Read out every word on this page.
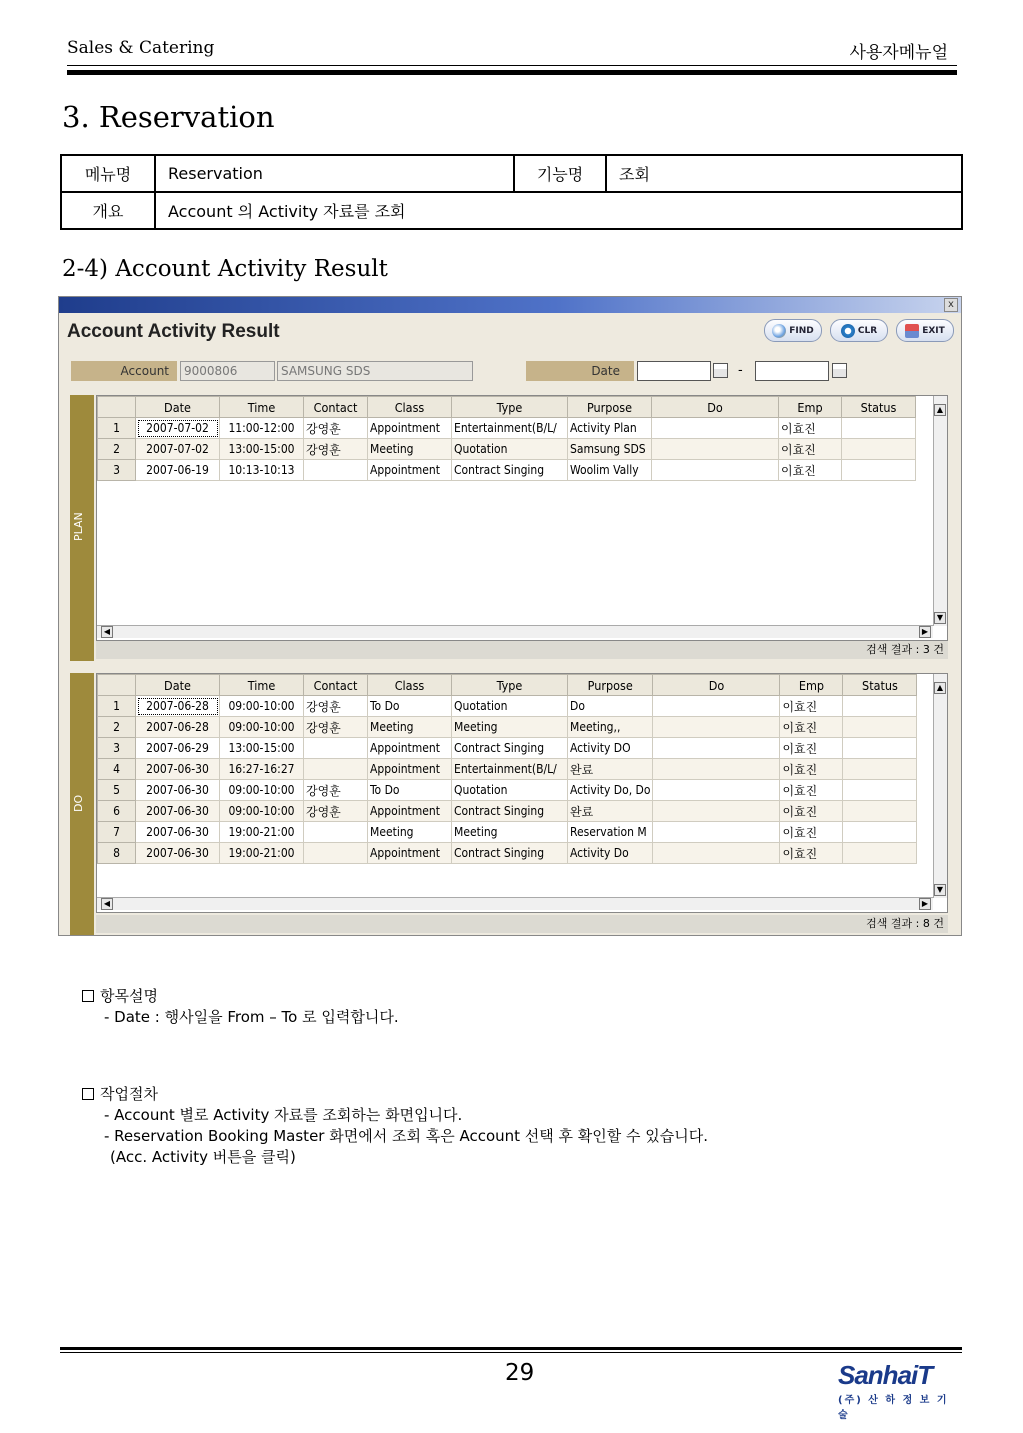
Sales & Catering	사용자메뉴얼
3. Reservation
메뉴명	Reservation	기능명	조회
개요	Account 의 Activity 자료를 조회		
2-4) Account Activity Result
x
Account Activity Result	FIND	CLR	EXIT
Account	9000806	SAMSUNG SDS	Date	-
PLAN
	Date	Time	Contact	Class	Type	Purpose	Do	Emp	Status
1	2007-07-02	11:00-12:00	강영훈	Appointment	Entertainment(B/L/	Activity Plan		이효진	
2	2007-07-02	13:00-15:00	강영훈	Meeting	Quotation	Samsung SDS		이효진	
3	2007-06-19	10:13-10:13		Appointment	Contract Singing	Woolim Vally		이효진	
▲
▼
◀	▶
검색 결과 : 3 건
DO
	Date	Time	Contact	Class	Type	Purpose	Do	Emp	Status
1	2007-06-28	09:00-10:00	강영훈	To Do	Quotation	Do		이효진	
2	2007-06-28	09:00-10:00	강영훈	Meeting	Meeting	Meeting,,		이효진	
3	2007-06-29	13:00-15:00		Appointment	Contract Singing	Activity DO		이효진	
4	2007-06-30	16:27-16:27		Appointment	Entertainment(B/L/	완료		이효진	
5	2007-06-30	09:00-10:00	강영훈	To Do	Quotation	Activity Do, Do		이효진	
6	2007-06-30	09:00-10:00	강영훈	Appointment	Contract Singing	완료		이효진	
7	2007-06-30	19:00-21:00		Meeting	Meeting	Reservation M		이효진	
8	2007-06-30	19:00-21:00		Appointment	Contract Singing	Activity Do		이효진	
▲
▼
◀	▶
검색 결과 : 8 건
항목설명
- Date : 행사일을 From – To 로 입력합니다.
작업절차
- Account 별로 Activity 자료를 조회하는 화면입니다.
- Reservation Booking Master 화면에서 조회 혹은 Account 선택 후 확인할 수 있습니다.
(Acc. Activity 버튼을 클릭)
29	SanhaiT
(주) 산 하 정 보 기 술
